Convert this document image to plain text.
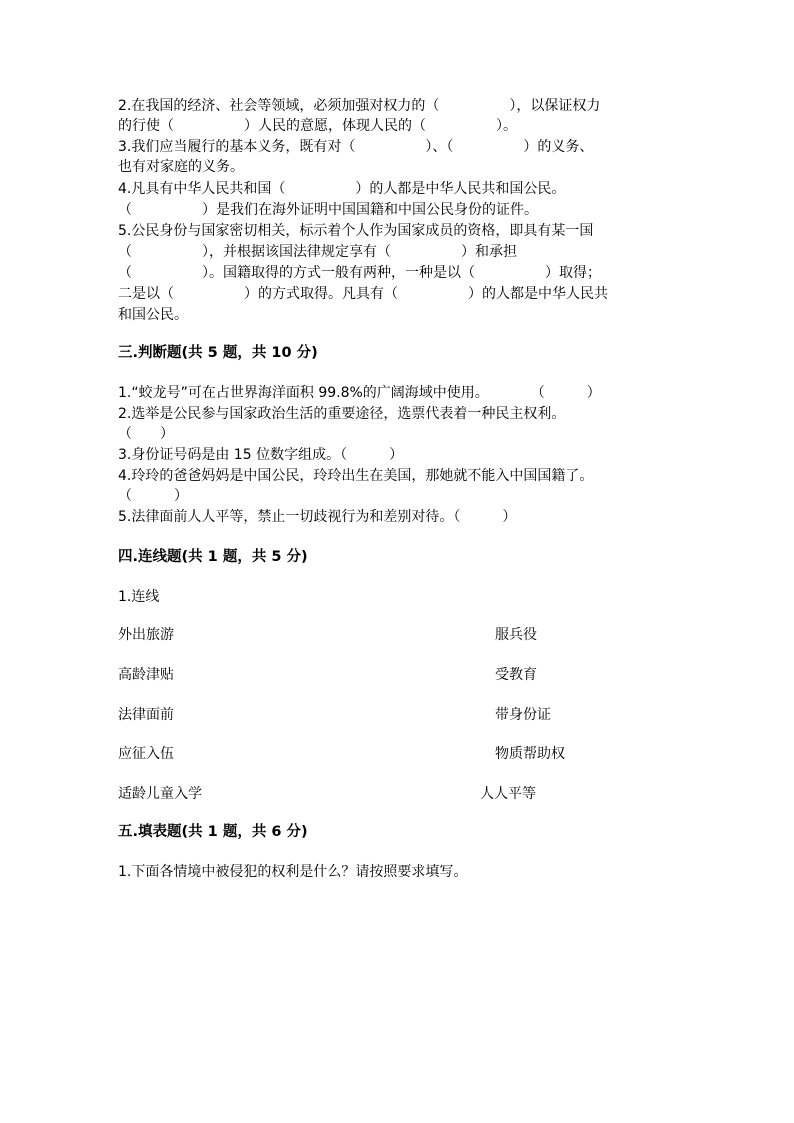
2.在我国的经济、社会等领域，必须加强对权力的（　　　　　），以保证权力
的行使（　　　　　）人民的意愿，体现人民的（　　　　　）。
3.我们应当履行的基本义务，既有对（　　　　　）、（　　　　　）的义务、
也有对家庭的义务。
4.凡具有中华人民共和国（　　　　　）的人都是中华人民共和国公民。
（　　　　　）是我们在海外证明中国国籍和中国公民身份的证件。
5.公民身份与国家密切相关，标示着个人作为国家成员的资格，即具有某一国
（　　　　　），并根据该国法律规定享有（　　　　　）和承担
（　　　　　）。国籍取得的方式一般有两种，一种是以（　　　　　）取得；
二是以（　　　　　）的方式取得。凡具有（　　　　　）的人都是中华人民共
和国公民。
三.判断题(共 5 题，共 10 分)
1.“蛟龙号”可在占世界海洋面积 99.8%的广阔海域中使用。　　　　（　　　）
2.选举是公民参与国家政治生活的重要途径，选票代表着一种民主权利。
（　　）
3.身份证号码是由 15 位数字组成。（　　　）
4.玲玲的爸爸妈妈是中国公民，玲玲出生在美国，那她就不能入中国国籍了。
（　　　）
5.法律面前人人平等，禁止一切歧视行为和差别对待。（　　　）
四.连线题(共 1 题，共 5 分)
1.连线
外出旅游
高龄津贴
法律面前
应征入伍
适龄儿童入学
服兵役
受教育
带身份证
物质帮助权
人人平等
五.填表题(共 1 题，共 6 分)
1.下面各情境中被侵犯的权利是什么？请按照要求填写。
